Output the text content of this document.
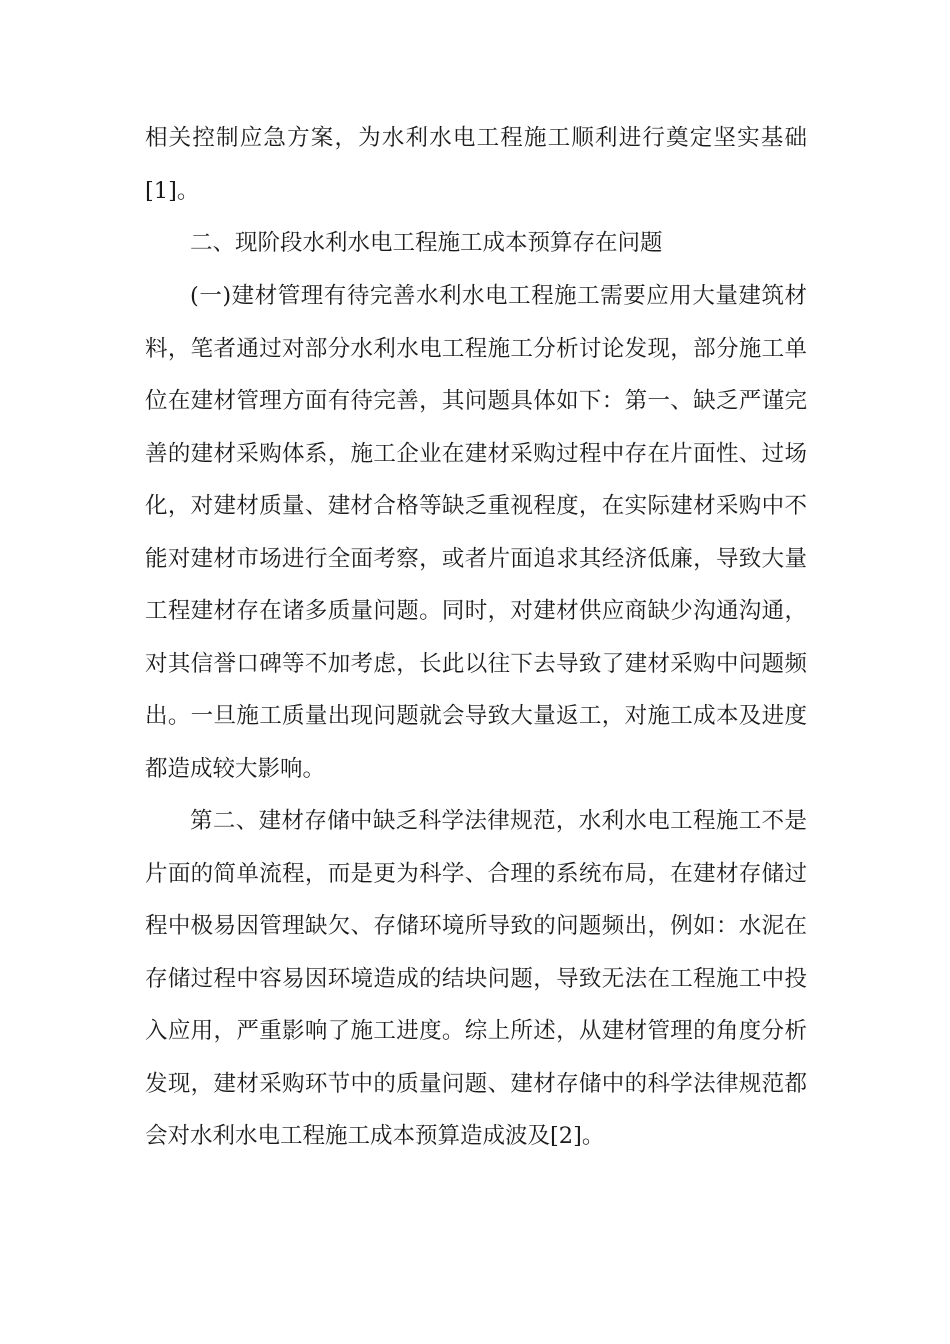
相关控制应急方案，为水利水电工程施工顺利进行奠定坚实基础[1]。

二、现阶段水利水电工程施工成本预算存在问题

(一)建材管理有待完善水利水电工程施工需要应用大量建筑材料，笔者通过对部分水利水电工程施工分析讨论发现，部分施工单位在建材管理方面有待完善，其问题具体如下：第一、缺乏严谨完善的建材采购体系，施工企业在建材采购过程中存在片面性、过场化，对建材质量、建材合格等缺乏重视程度，在实际建材采购中不能对建材市场进行全面考察，或者片面追求其经济低廉，导致大量工程建材存在诸多质量问题。同时，对建材供应商缺少沟通沟通，对其信誉口碑等不加考虑，长此以往下去导致了建材采购中问题频出。一旦施工质量出现问题就会导致大量返工，对施工成本及进度都造成较大影响。

第二、建材存储中缺乏科学法律规范，水利水电工程施工不是片面的简单流程，而是更为科学、合理的系统布局，在建材存储过程中极易因管理缺欠、存储环境所导致的问题频出，例如：水泥在存储过程中容易因环境造成的结块问题，导致无法在工程施工中投入应用，严重影响了施工进度。综上所述，从建材管理的角度分析发现，建材采购环节中的质量问题、建材存储中的科学法律规范都会对水利水电工程施工成本预算造成波及[2]。
